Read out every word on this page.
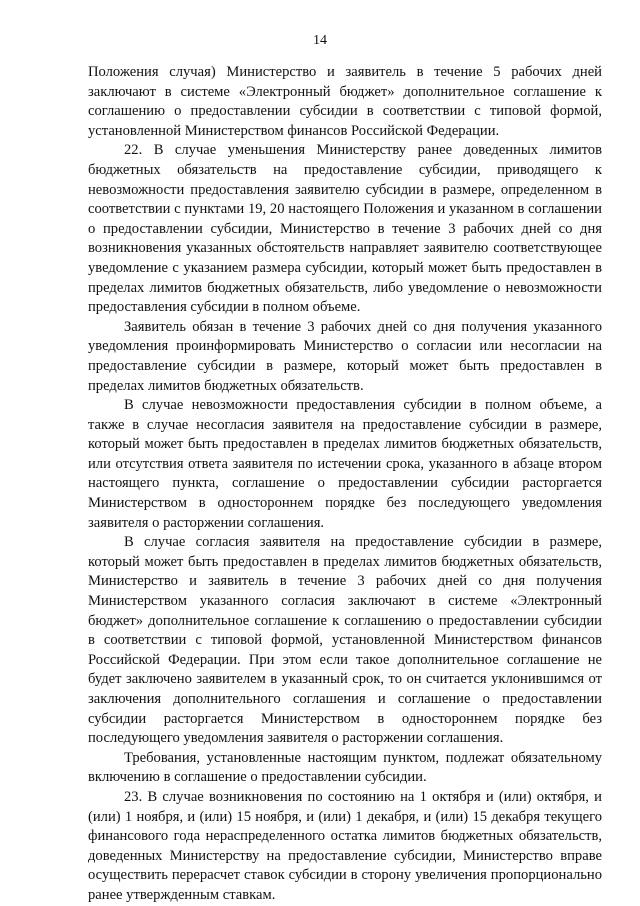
14

Положения случая) Министерство и заявитель в течение 5 рабочих дней заключают в системе «Электронный бюджет» дополнительное соглашение к соглашению о предоставлении субсидии в соответствии с типовой формой, установленной Министерством финансов Российской Федерации.

22. В случае уменьшения Министерству ранее доведенных лимитов бюджетных обязательств на предоставление субсидии, приводящего к невозможности предоставления заявителю субсидии в размере, определенном в соответствии с пунктами 19, 20 настоящего Положения и указанном в соглашении о предоставлении субсидии, Министерство в течение 3 рабочих дней со дня возникновения указанных обстоятельств направляет заявителю соответствующее уведомление с указанием размера субсидии, который может быть предоставлен в пределах лимитов бюджетных обязательств, либо уведомление о невозможности предоставления субсидии в полном объеме.

Заявитель обязан в течение 3 рабочих дней со дня получения указанного уведомления проинформировать Министерство о согласии или несогласии на предоставление субсидии в размере, который может быть предоставлен в пределах лимитов бюджетных обязательств.

В случае невозможности предоставления субсидии в полном объеме, а также в случае несогласия заявителя на предоставление субсидии в размере, который может быть предоставлен в пределах лимитов бюджетных обязательств, или отсутствия ответа заявителя по истечении срока, указанного в абзаце втором настоящего пункта, соглашение о предоставлении субсидии расторгается Министерством в одностороннем порядке без последующего уведомления заявителя о расторжении соглашения.

В случае согласия заявителя на предоставление субсидии в размере, который может быть предоставлен в пределах лимитов бюджетных обязательств, Министерство и заявитель в течение 3 рабочих дней со дня получения Министерством указанного согласия заключают в системе «Электронный бюджет» дополнительное соглашение к соглашению о предоставлении субсидии в соответствии с типовой формой, установленной Министерством финансов Российской Федерации. При этом если такое дополнительное соглашение не будет заключено заявителем в указанный срок, то он считается уклонившимся от заключения дополнительного соглашения и соглашение о предоставлении субсидии расторгается Министерством в одностороннем порядке без последующего уведомления заявителя о расторжении соглашения.

Требования, установленные настоящим пунктом, подлежат обязательному включению в соглашение о предоставлении субсидии.

23. В случае возникновения по состоянию на 1 октября и (или) октября, и (или) 1 ноября, и (или) 15 ноября, и (или) 1 декабря, и (или) 15 декабря текущего финансового года нераспределенного остатка лимитов бюджетных обязательств, доведенных Министерству на предоставление субсидии, Министерство вправе осуществить перерасчет ставок субсидии в сторону увеличения пропорционально ранее утвержденным ставкам.
